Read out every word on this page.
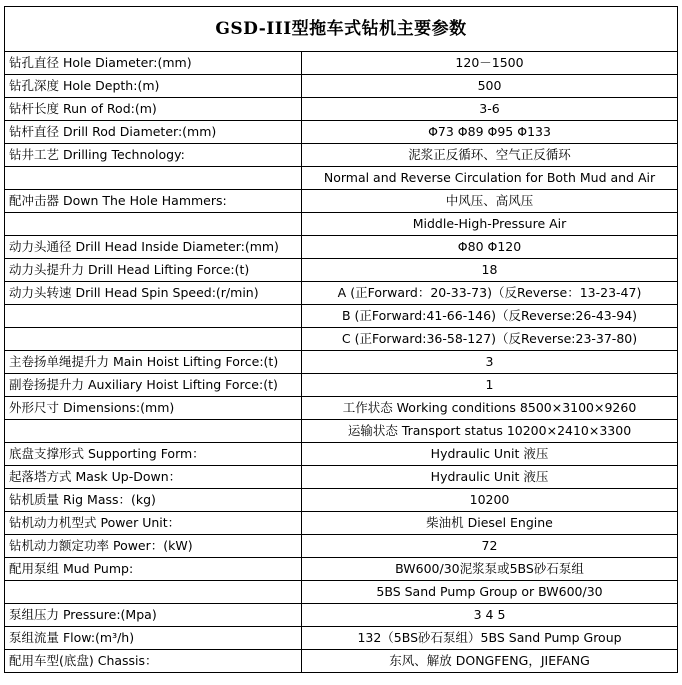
GSD-III型拖车式钻机主要参数	
钻孔直径 Hole Diameter:(mm)	120－1500
钻孔深度 Hole Depth:(m)	500
钻杆长度 Run of Rod:(m)	3-6
钻杆直径 Drill Rod Diameter:(mm)	Φ73 Φ89 Φ95 Φ133
钻井工艺 Drilling Technology:	泥浆正反循环、空气正反循环
	Normal and Reverse Circulation for Both Mud and Air
配冲击器 Down The Hole Hammers:	中风压、高风压
	Middle-High-Pressure Air
动力头通径 Drill Head Inside Diameter:(mm)	Φ80 Φ120
动力头提升力 Drill Head Lifting Force:(t)	18
动力头转速 Drill Head Spin Speed:(r/min)	A (正Forward：20-33-73)（反Reverse：13-23-47)
	B (正Forward:41-66-146)（反Reverse:26-43-94)
	C (正Forward:36-58-127)（反Reverse:23-37-80)
主卷扬单绳提升力 Main Hoist Lifting Force:(t)	3
副卷扬提升力 Auxiliary Hoist Lifting Force:(t)	1
外形尺寸 Dimensions:(mm)	工作状态 Working conditions 8500×3100×9260
	运输状态 Transport status 10200×2410×3300
底盘支撑形式 Supporting Form：	Hydraulic Unit 液压
起落塔方式 Mask Up-Down：	Hydraulic Unit 液压
钻机质量 Rig Mass：(kg)	10200
钻机动力机型式 Power Unit：	柴油机 Diesel Engine
钻机动力额定功率 Power：(kW)	72
配用泵组 Mud Pump:	BW600/30泥浆泵或5BS砂石泵组
	5BS Sand Pump Group or BW600/30
泵组压力 Pressure:(Mpa)	3 4 5
泵组流量 Flow:(m³/h)	132（5BS砂石泵组）5BS Sand Pump Group
配用车型(底盘) Chassis：	东风、解放 DONGFENG，JIEFANG
